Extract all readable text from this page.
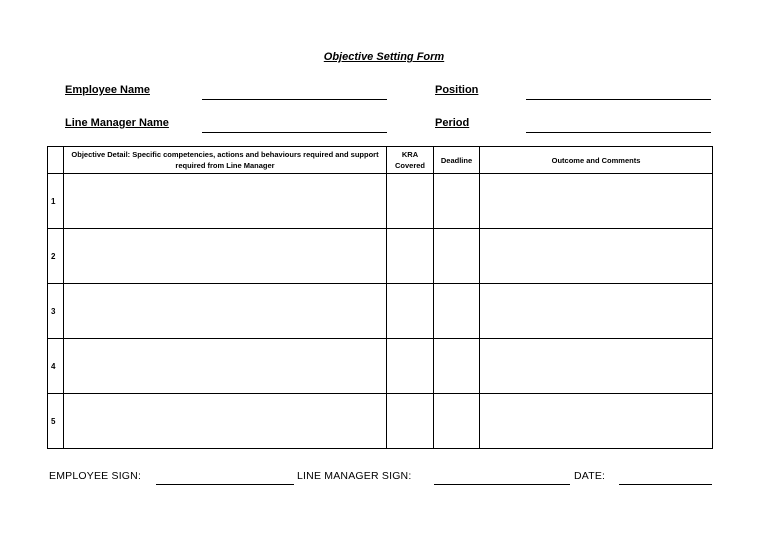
Objective Setting Form
Employee Name	Position
Line Manager Name	Period

	Objective Detail: Specific competencies, actions and behaviours required and support required from Line Manager	KRA Covered	Deadline	Outcome and Comments
1				
2				
3				
4				
5				
EMPLOYEE SIGN:	LINE MANAGER SIGN:	DATE:
